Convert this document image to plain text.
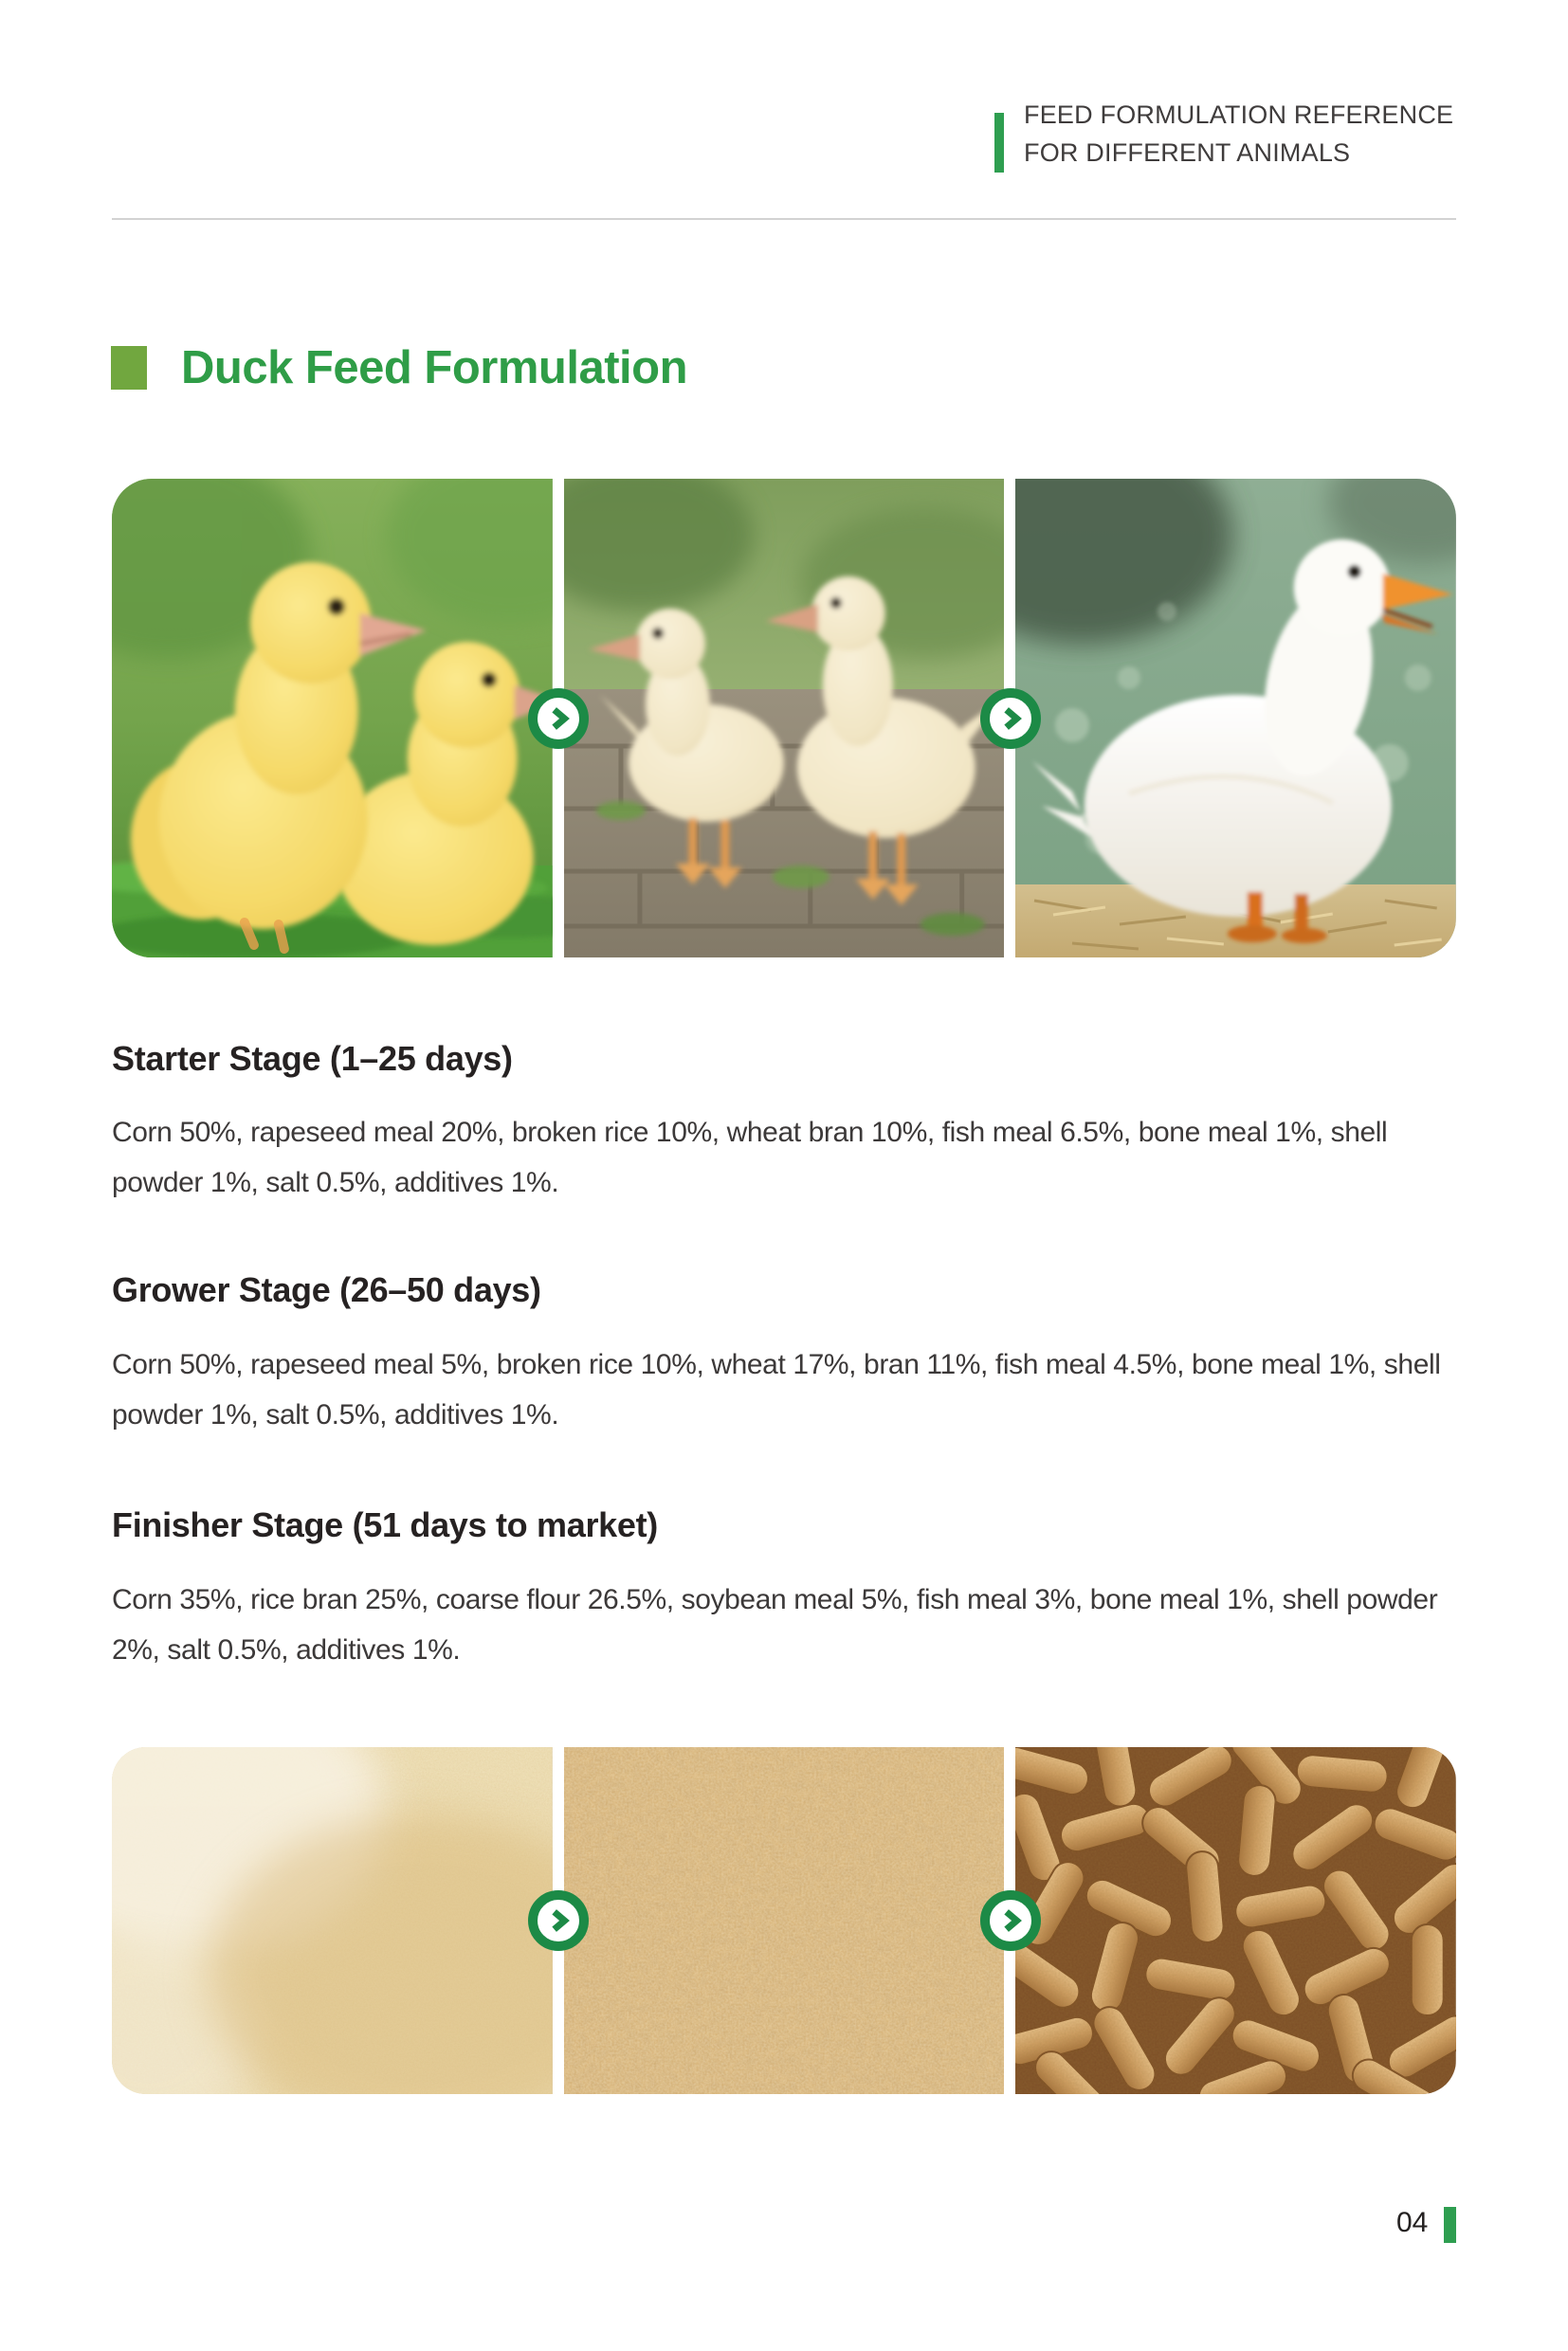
FEED FORMULATION REFERENCE
FOR DIFFERENT ANIMALS
Duck Feed Formulation
Starter Stage (1–25 days)

Corn 50%, rapeseed meal 20%, broken rice 10%, wheat bran 10%, fish meal 6.5%, bone meal 1%, shell powder 1%, salt 0.5%, additives 1%.

Grower Stage (26–50 days)

Corn 50%, rapeseed meal 5%, broken rice 10%, wheat 17%, bran 11%, fish meal 4.5%, bone meal 1%, shell powder 1%, salt 0.5%, additives 1%.

Finisher Stage (51 days to market)

Corn 35%, rice bran 25%, coarse flour 26.5%, soybean meal 5%, fish meal 3%, bone meal 1%, shell powder 2%, salt 0.5%, additives 1%.

04
